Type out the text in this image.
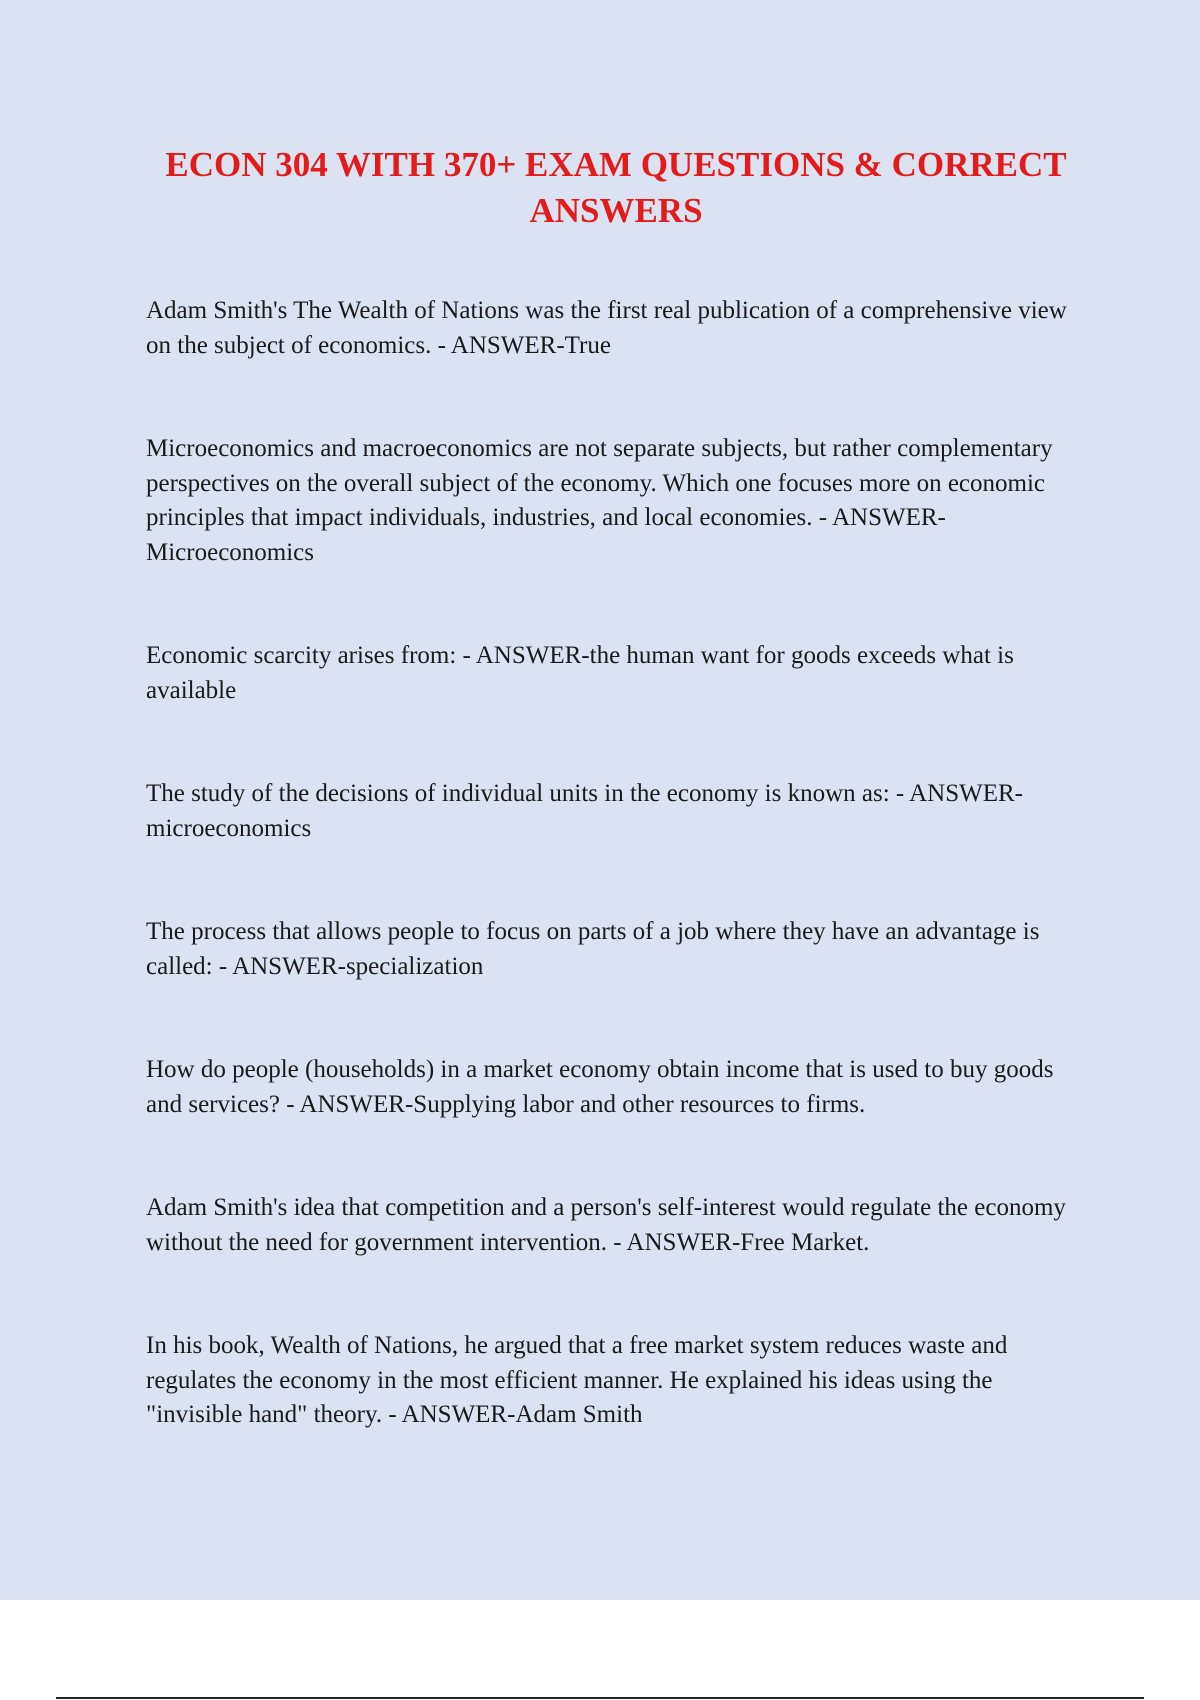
ECON 304 WITH 370+ EXAM QUESTIONS & CORRECT ANSWERS

Adam Smith's The Wealth of Nations was the first real publication of a comprehensive view on the subject of economics. - ANSWER-True

Microeconomics and macroeconomics are not separate subjects, but rather complementary perspectives on the overall subject of the economy. Which one focuses more on economic principles that impact individuals, industries, and local economies. - ANSWER-Microeconomics

Economic scarcity arises from: - ANSWER-the human want for goods exceeds what is available

The study of the decisions of individual units in the economy is known as: - ANSWER-microeconomics

The process that allows people to focus on parts of a job where they have an advantage is called: - ANSWER-specialization

How do people (households) in a market economy obtain income that is used to buy goods and services? - ANSWER-Supplying labor and other resources to firms.

Adam Smith's idea that competition and a person's self-interest would regulate the economy without the need for government intervention. - ANSWER-Free Market.

In his book, Wealth of Nations, he argued that a free market system reduces waste and regulates the economy in the most efficient manner. He explained his ideas using the "invisible hand" theory. - ANSWER-Adam Smith
